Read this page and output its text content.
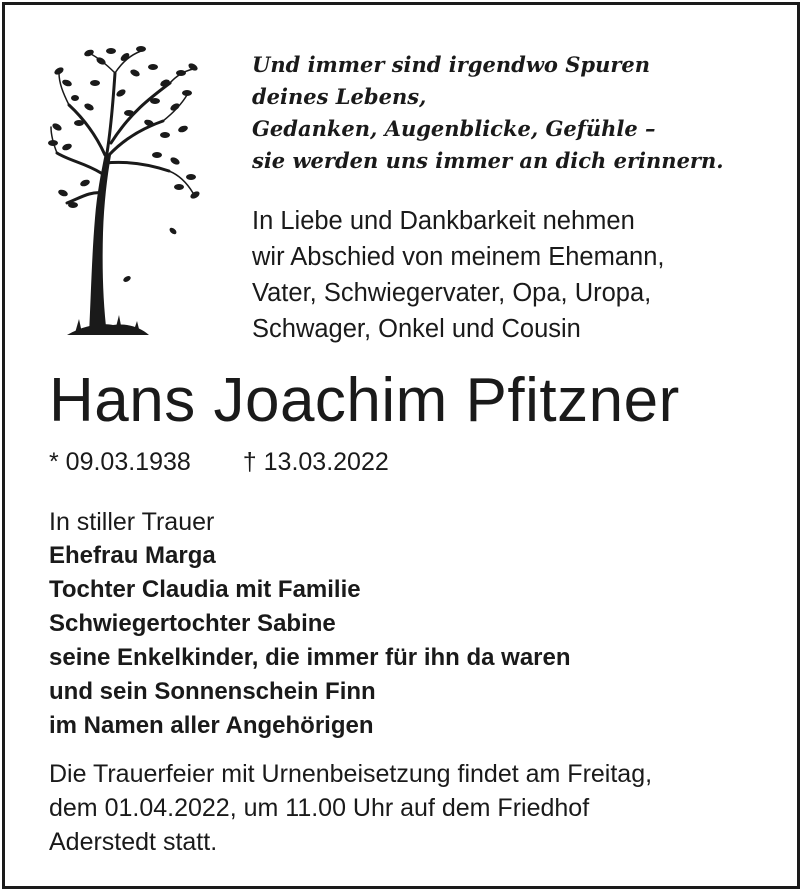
Und immer sind irgendwo Spuren
deines Lebens,
Gedanken, Augenblicke, Gefühle –
sie werden uns immer an dich erinnern.
In Liebe und Dankbarkeit nehmen
wir Abschied von meinem Ehemann,
Vater, Schwiegervater, Opa, Uropa,
Schwager, Onkel und Cousin
Hans Joachim Pfitzner
* 09.03.1938 † 13.03.2022
In stiller Trauer
Ehefrau Marga
Tochter Claudia mit Familie
Schwiegertochter Sabine
seine Enkelkinder, die immer für ihn da waren
und sein Sonnenschein Finn
im Namen aller Angehörigen
Die Trauerfeier mit Urnenbeisetzung findet am Freitag,
dem 01.04.2022, um 11.00 Uhr auf dem Friedhof
Aderstedt statt.
